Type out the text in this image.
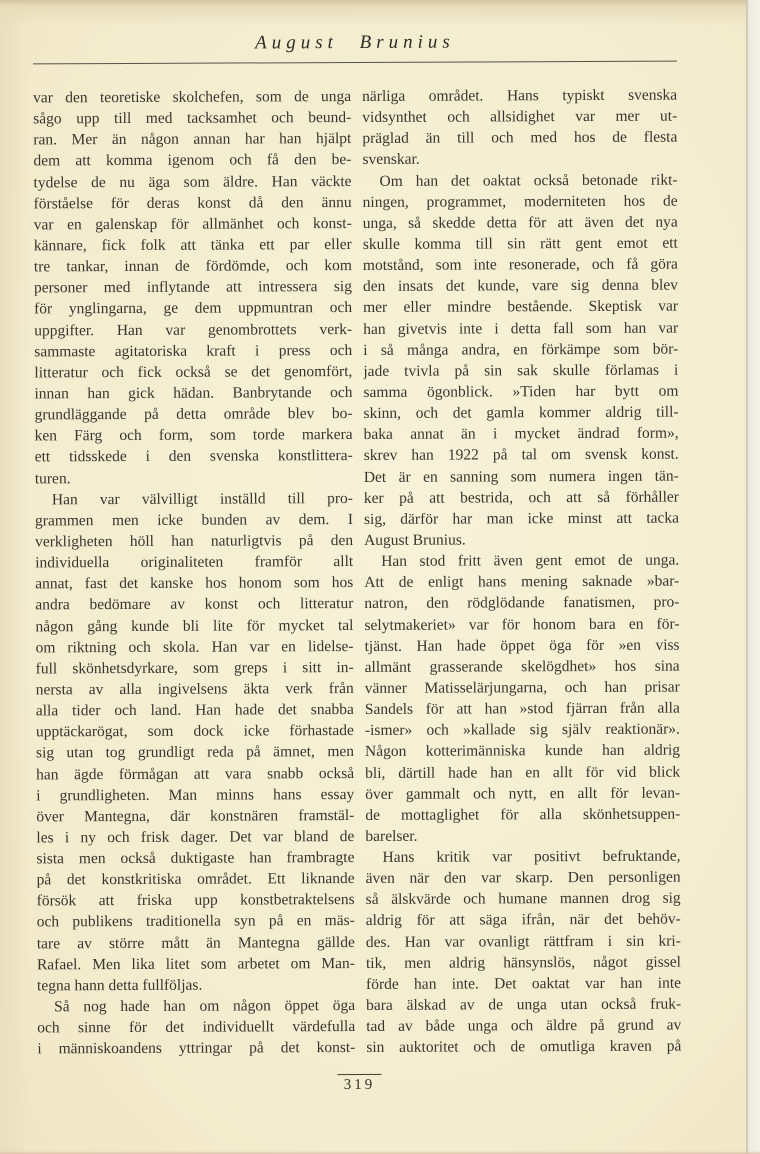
August Brunius
var den teoretiske skolchefen, som de unga
sågo upp till med tacksamhet och beund-
ran. Mer än någon annan har han hjälpt
dem att komma igenom och få den be-
tydelse de nu äga som äldre. Han väckte
förståelse för deras konst då den ännu
var en galenskap för allmänhet och konst-
kännare, fick folk att tänka ett par eller
tre tankar, innan de fördömde, och kom
personer med inflytande att intressera sig
för ynglingarna, ge dem uppmuntran och
uppgifter. Han var genombrottets verk-
sammaste agitatoriska kraft i press och
litteratur och fick också se det genomfört,
innan han gick hädan. Banbrytande och
grundläggande på detta område blev bo-
ken Färg och form, som torde markera
ett tidsskede i den svenska konstlittera-
turen.
Han var välvilligt inställd till pro-
grammen men icke bunden av dem. I
verkligheten höll han naturligtvis på den
individuella originaliteten framför allt
annat, fast det kanske hos honom som hos
andra bedömare av konst och litteratur
någon gång kunde bli lite för mycket tal
om riktning och skola. Han var en lidelse-
full skönhetsdyrkare, som greps i sitt in-
nersta av alla ingivelsens äkta verk från
alla tider och land. Han hade det snabba
upptäckarögat, som dock icke förhastade
sig utan tog grundligt reda på ämnet, men
han ägde förmågan att vara snabb också
i grundligheten. Man minns hans essay
över Mantegna, där konstnären framstäl-
les i ny och frisk dager. Det var bland de
sista men också duktigaste han frambragte
på det konstkritiska området. Ett liknande
försök att friska upp konstbetraktelsens
och publikens traditionella syn på en mäs-
tare av större mått än Mantegna gällde
Rafael. Men lika litet som arbetet om Man-
tegna hann detta fullföljas.
Så nog hade han om någon öppet öga
och sinne för det individuellt värdefulla
i människoandens yttringar på det konst-
närliga området. Hans typiskt svenska
vidsynthet och allsidighet var mer ut-
präglad än till och med hos de flesta
svenskar.
Om han det oaktat också betonade rikt-
ningen, programmet, moderniteten hos de
unga, så skedde detta för att även det nya
skulle komma till sin rätt gent emot ett
motstånd, som inte resonerade, och få göra
den insats det kunde, vare sig denna blev
mer eller mindre bestående. Skeptisk var
han givetvis inte i detta fall som han var
i så många andra, en förkämpe som bör-
jade tvivla på sin sak skulle förlamas i
samma ögonblick. »Tiden har bytt om
skinn, och det gamla kommer aldrig till-
baka annat än i mycket ändrad form»,
skrev han 1922 på tal om svensk konst.
Det är en sanning som numera ingen tän-
ker på att bestrida, och att så förhåller
sig, därför har man icke minst att tacka
August Brunius.
Han stod fritt även gent emot de unga.
Att de enligt hans mening saknade »bar-
natron, den rödglödande fanatismen, pro-
selytmakeriet» var för honom bara en för-
tjänst. Han hade öppet öga för »en viss
allmänt grasserande skelögdhet» hos sina
vänner Matisselärjungarna, och han prisar
Sandels för att han »stod fjärran från alla
-ismer» och »kallade sig själv reaktionär».
Någon kotterimänniska kunde han aldrig
bli, därtill hade han en allt för vid blick
över gammalt och nytt, en allt för levan-
de mottaglighet för alla skönhetsuppen-
barelser.
Hans kritik var positivt befruktande,
även när den var skarp. Den personligen
så älskvärde och humane mannen drog sig
aldrig för att säga ifrån, när det behöv-
des. Han var ovanligt rättfram i sin kri-
tik, men aldrig hänsynslös, något gissel
förde han inte. Det oaktat var han inte
bara älskad av de unga utan också fruk-
tad av både unga och äldre på grund av
sin auktoritet och de omutliga kraven på
319
